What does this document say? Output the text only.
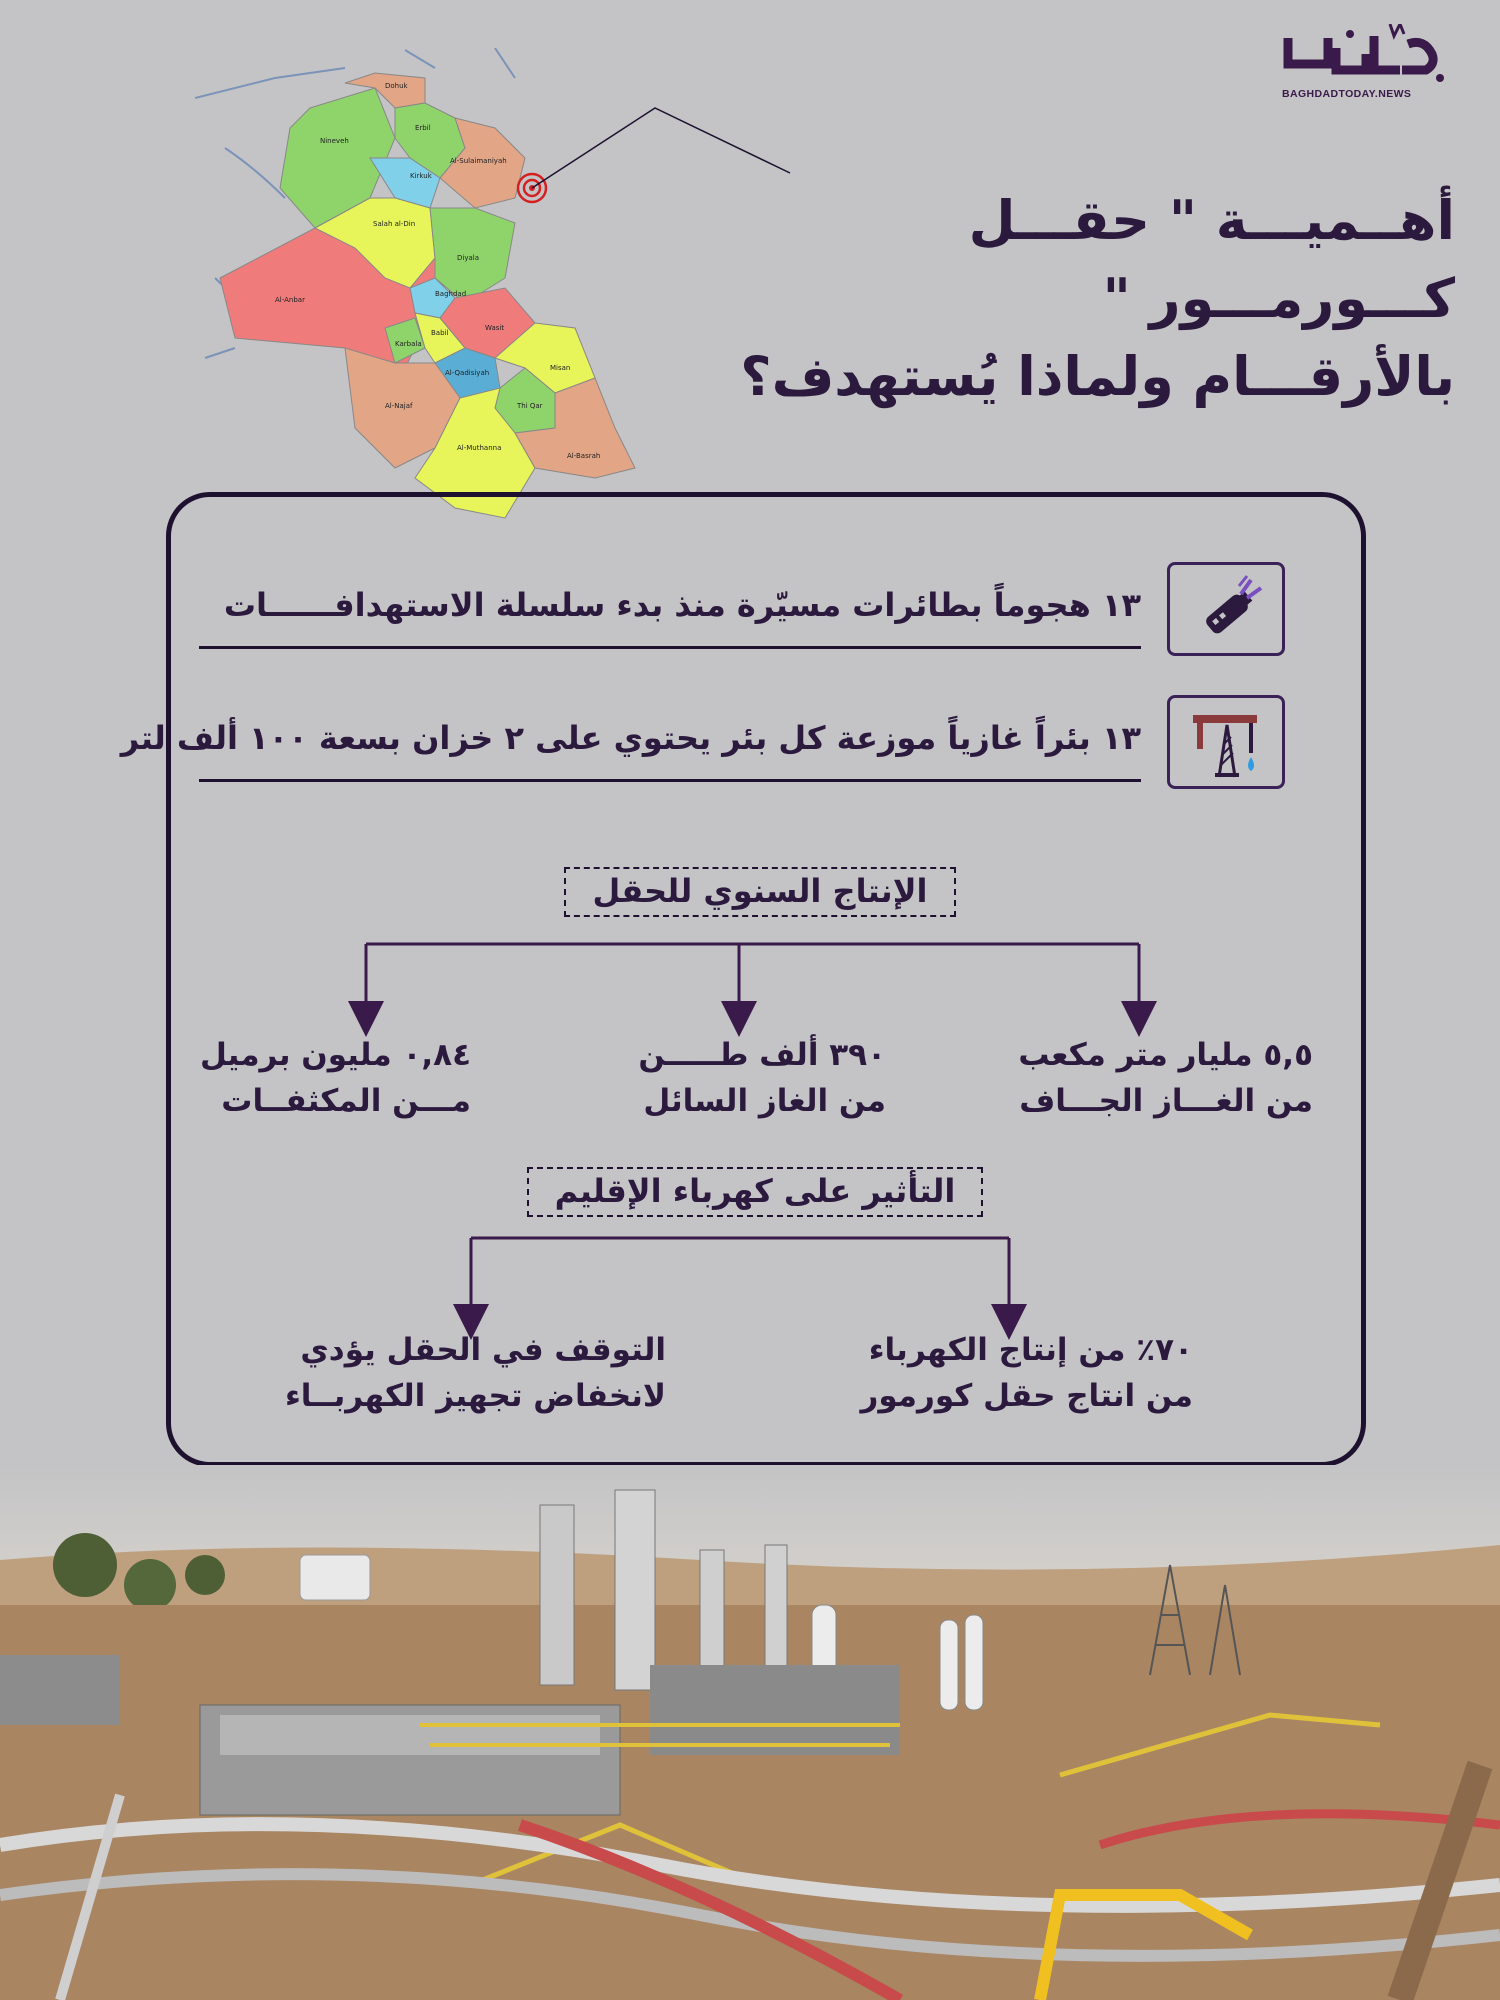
BAGHDADTODAY.NEWS
Dohuk
Erbil
Nineveh
Al-Sulaimaniyah
Kirkuk
Salah al-Din
Diyala
Al-Anbar
Baghdad
Wasit
Karbala
Babil
Al-Qadisiyah
Misan
Al-Najaf	Thi Qar
Al-Muthanna
Al-Basrah
أهــميـــة " حقـــل كـــورمـــور "
بالأرقـــام ولماذا يُستهدف؟
١٣ هجوماً بطائرات مسيّرة منذ بدء سلسلة الاستهدافــــــات
١٣ بئراً غازياً موزعة كل بئر يحتوي على ٢ خزان بسعة ١٠٠ ألف لتر
الإنتاج السنوي للحقل
٥,٥ مليار متر مكعب
من الغـــاز الجـــاف
٣٩٠ ألف طـــــن
من الغاز السائل
٠,٨٤ مليون برميل
مـــن المكثفــات
التأثير على كهرباء الإقليم
٧٠٪ من إنتاج الكهرباء
من انتاج حقل كورمور
التوقف في الحقل يؤدي
لانخفاض تجهيز الكهربــاء
